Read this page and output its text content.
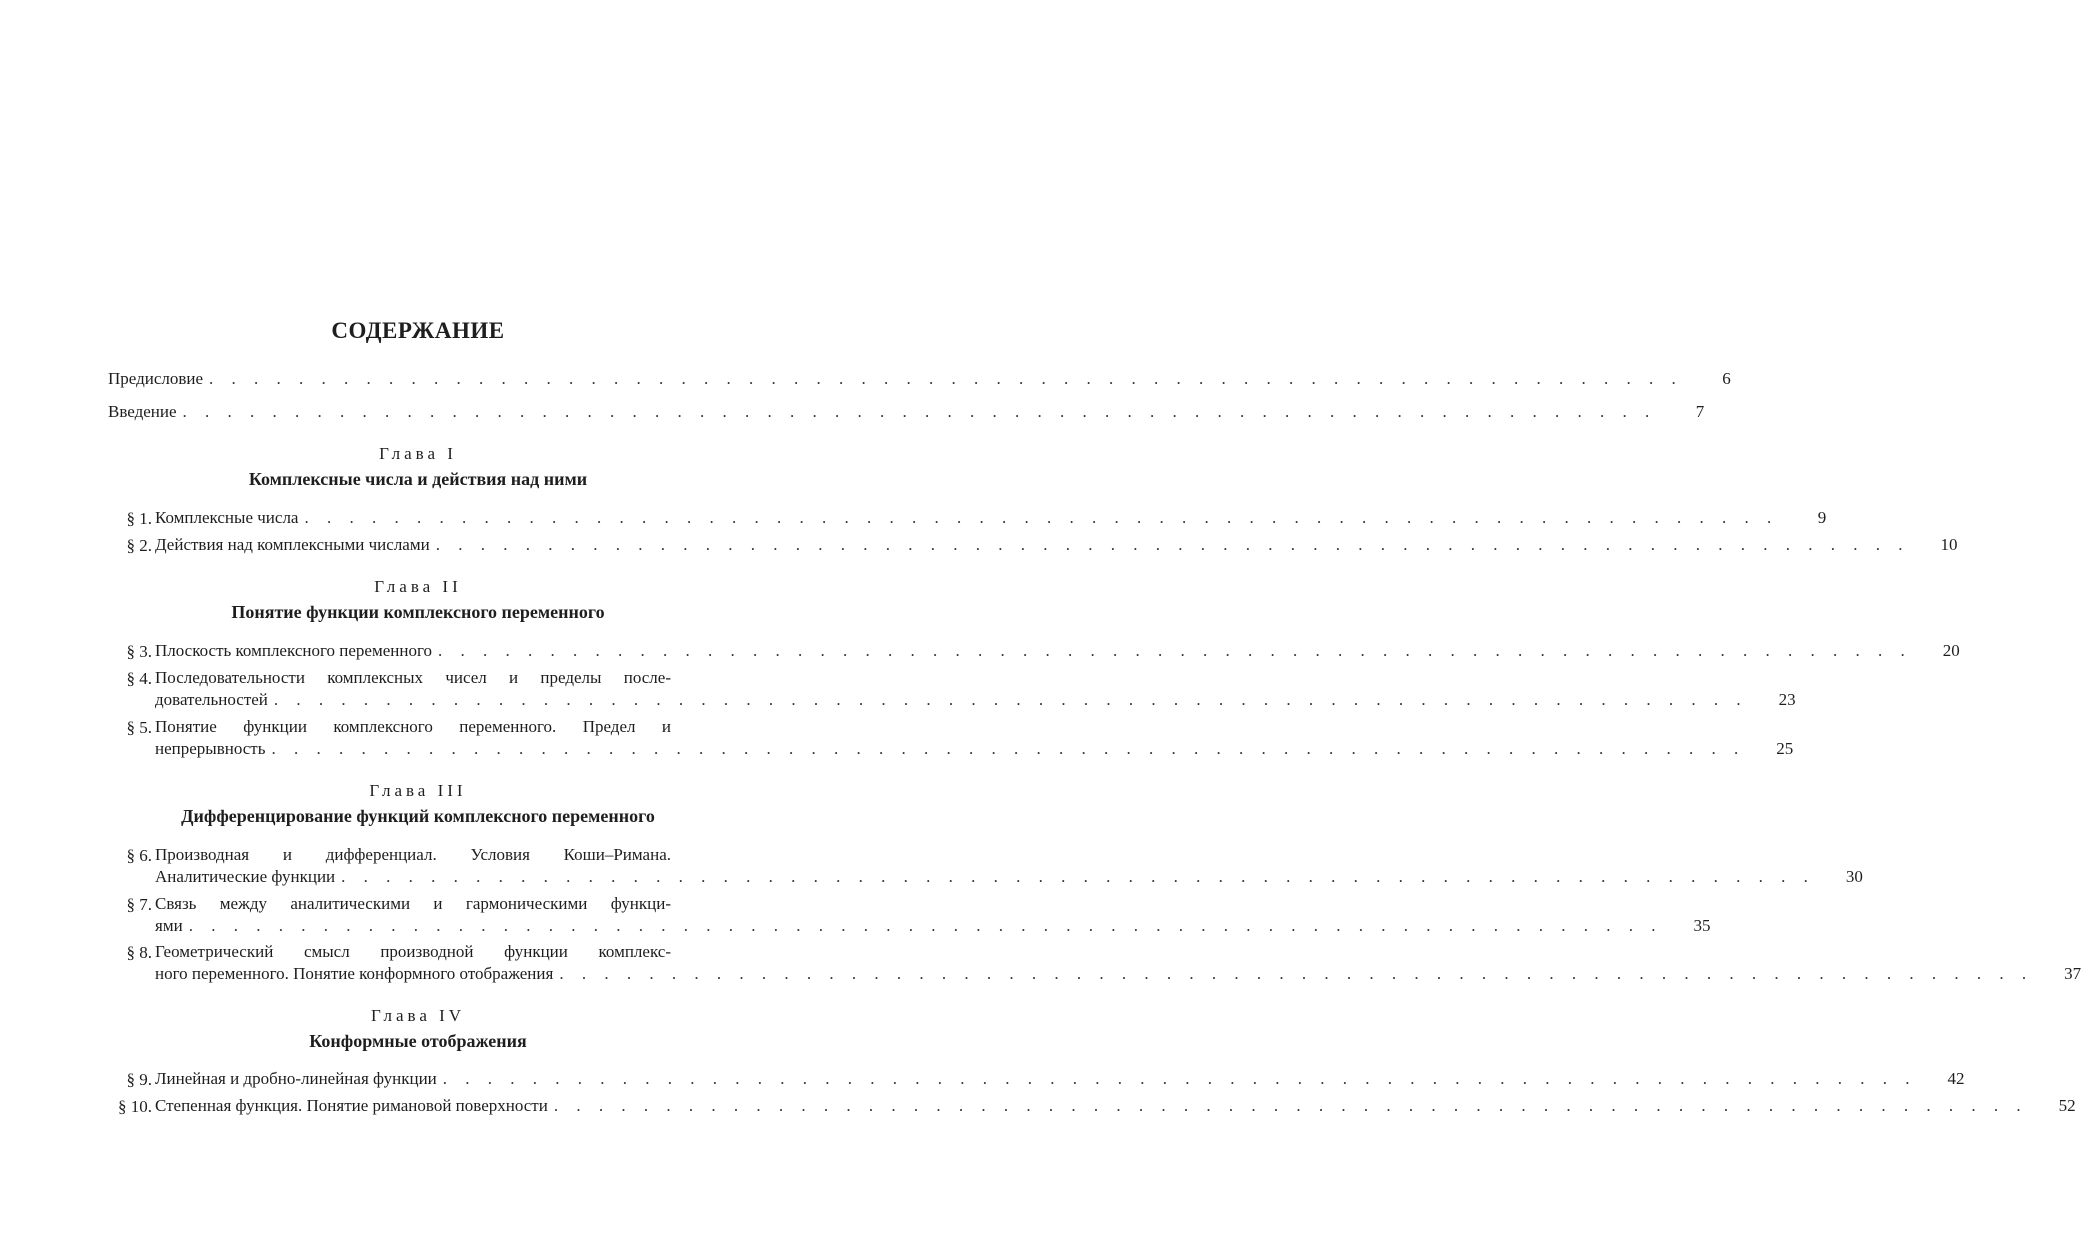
СОДЕРЖАНИЕ
Предисловие . . . . . . . . . . . . . . . . . . . . . . . . . . . . . . . . . . . . . . . . . . . . . . . . . . . . . . . . . . . . . . . . . .	6
Введение . . . . . . . . . . . . . . . . . . . . . . . . . . . . . . . . . . . . . . . . . . . . . . . . . . . . . . . . . . . . . . . . . .	7
Глава I
Комплексные числа и действия над ними
§ 1. Комплексные числа . . . . . . . . . . . . . . . . . . . . . . . . . . . . . . . . . . . . . . . . . . . . . . . . . . . . . . . . . . . . . . . . . .	9
§ 2. Действия над комплексными числами . . . . . . . . . . . . . . . . . . . . . . . . . . . . . . . . . . . . . . . . . . . . . . . . . . . . . . . . . . . . . . . . . .	10
Глава II
Понятие функции комплексного переменного
§ 3. Плоскость комплексного переменного . . . . . . . . . . . . . . . . . . . . . . . . . . . . . . . . . . . . . . . . . . . . . . . . . . . . . . . . . . . . . . . . . .	20
§ 4. Последовательности комплексных чисел и пределы после-
довательностей . . . . . . . . . . . . . . . . . . . . . . . . . . . . . . . . . . . . . . . . . . . . . . . . . . . . . . . . . . . . . . . . . .	23
§ 5. Понятие функции комплексного переменного. Предел и
непрерывность . . . . . . . . . . . . . . . . . . . . . . . . . . . . . . . . . . . . . . . . . . . . . . . . . . . . . . . . . . . . . . . . . .	25
Глава III
Дифференцирование функций комплексного переменного
§ 6. Производная и дифференциал. Условия Коши–Римана.
Аналитические функции . . . . . . . . . . . . . . . . . . . . . . . . . . . . . . . . . . . . . . . . . . . . . . . . . . . . . . . . . . . . . . . . . .	30
§ 7. Связь между аналитическими и гармоническими функци-
ями . . . . . . . . . . . . . . . . . . . . . . . . . . . . . . . . . . . . . . . . . . . . . . . . . . . . . . . . . . . . . . . . . .	35
§ 8. Геометрический смысл производной функции комплекс-
ного переменного. Понятие конформного отображения . . . . . . . . . . . . . . . . . . . . . . . . . . . . . . . . . . . . . . . . . . . . . . . . . . . . . . . . . . . . . . . . . .	37
Глава IV
Конформные отображения
§ 9. Линейная и дробно-линейная функции . . . . . . . . . . . . . . . . . . . . . . . . . . . . . . . . . . . . . . . . . . . . . . . . . . . . . . . . . . . . . . . . . .	42
§ 10. Степенная функция. Понятие римановой поверхности . . . . . . . . . . . . . . . . . . . . . . . . . . . . . . . . . . . . . . . . . . . . . . . . . . . . . . . . . . . . . . . . . .	52
